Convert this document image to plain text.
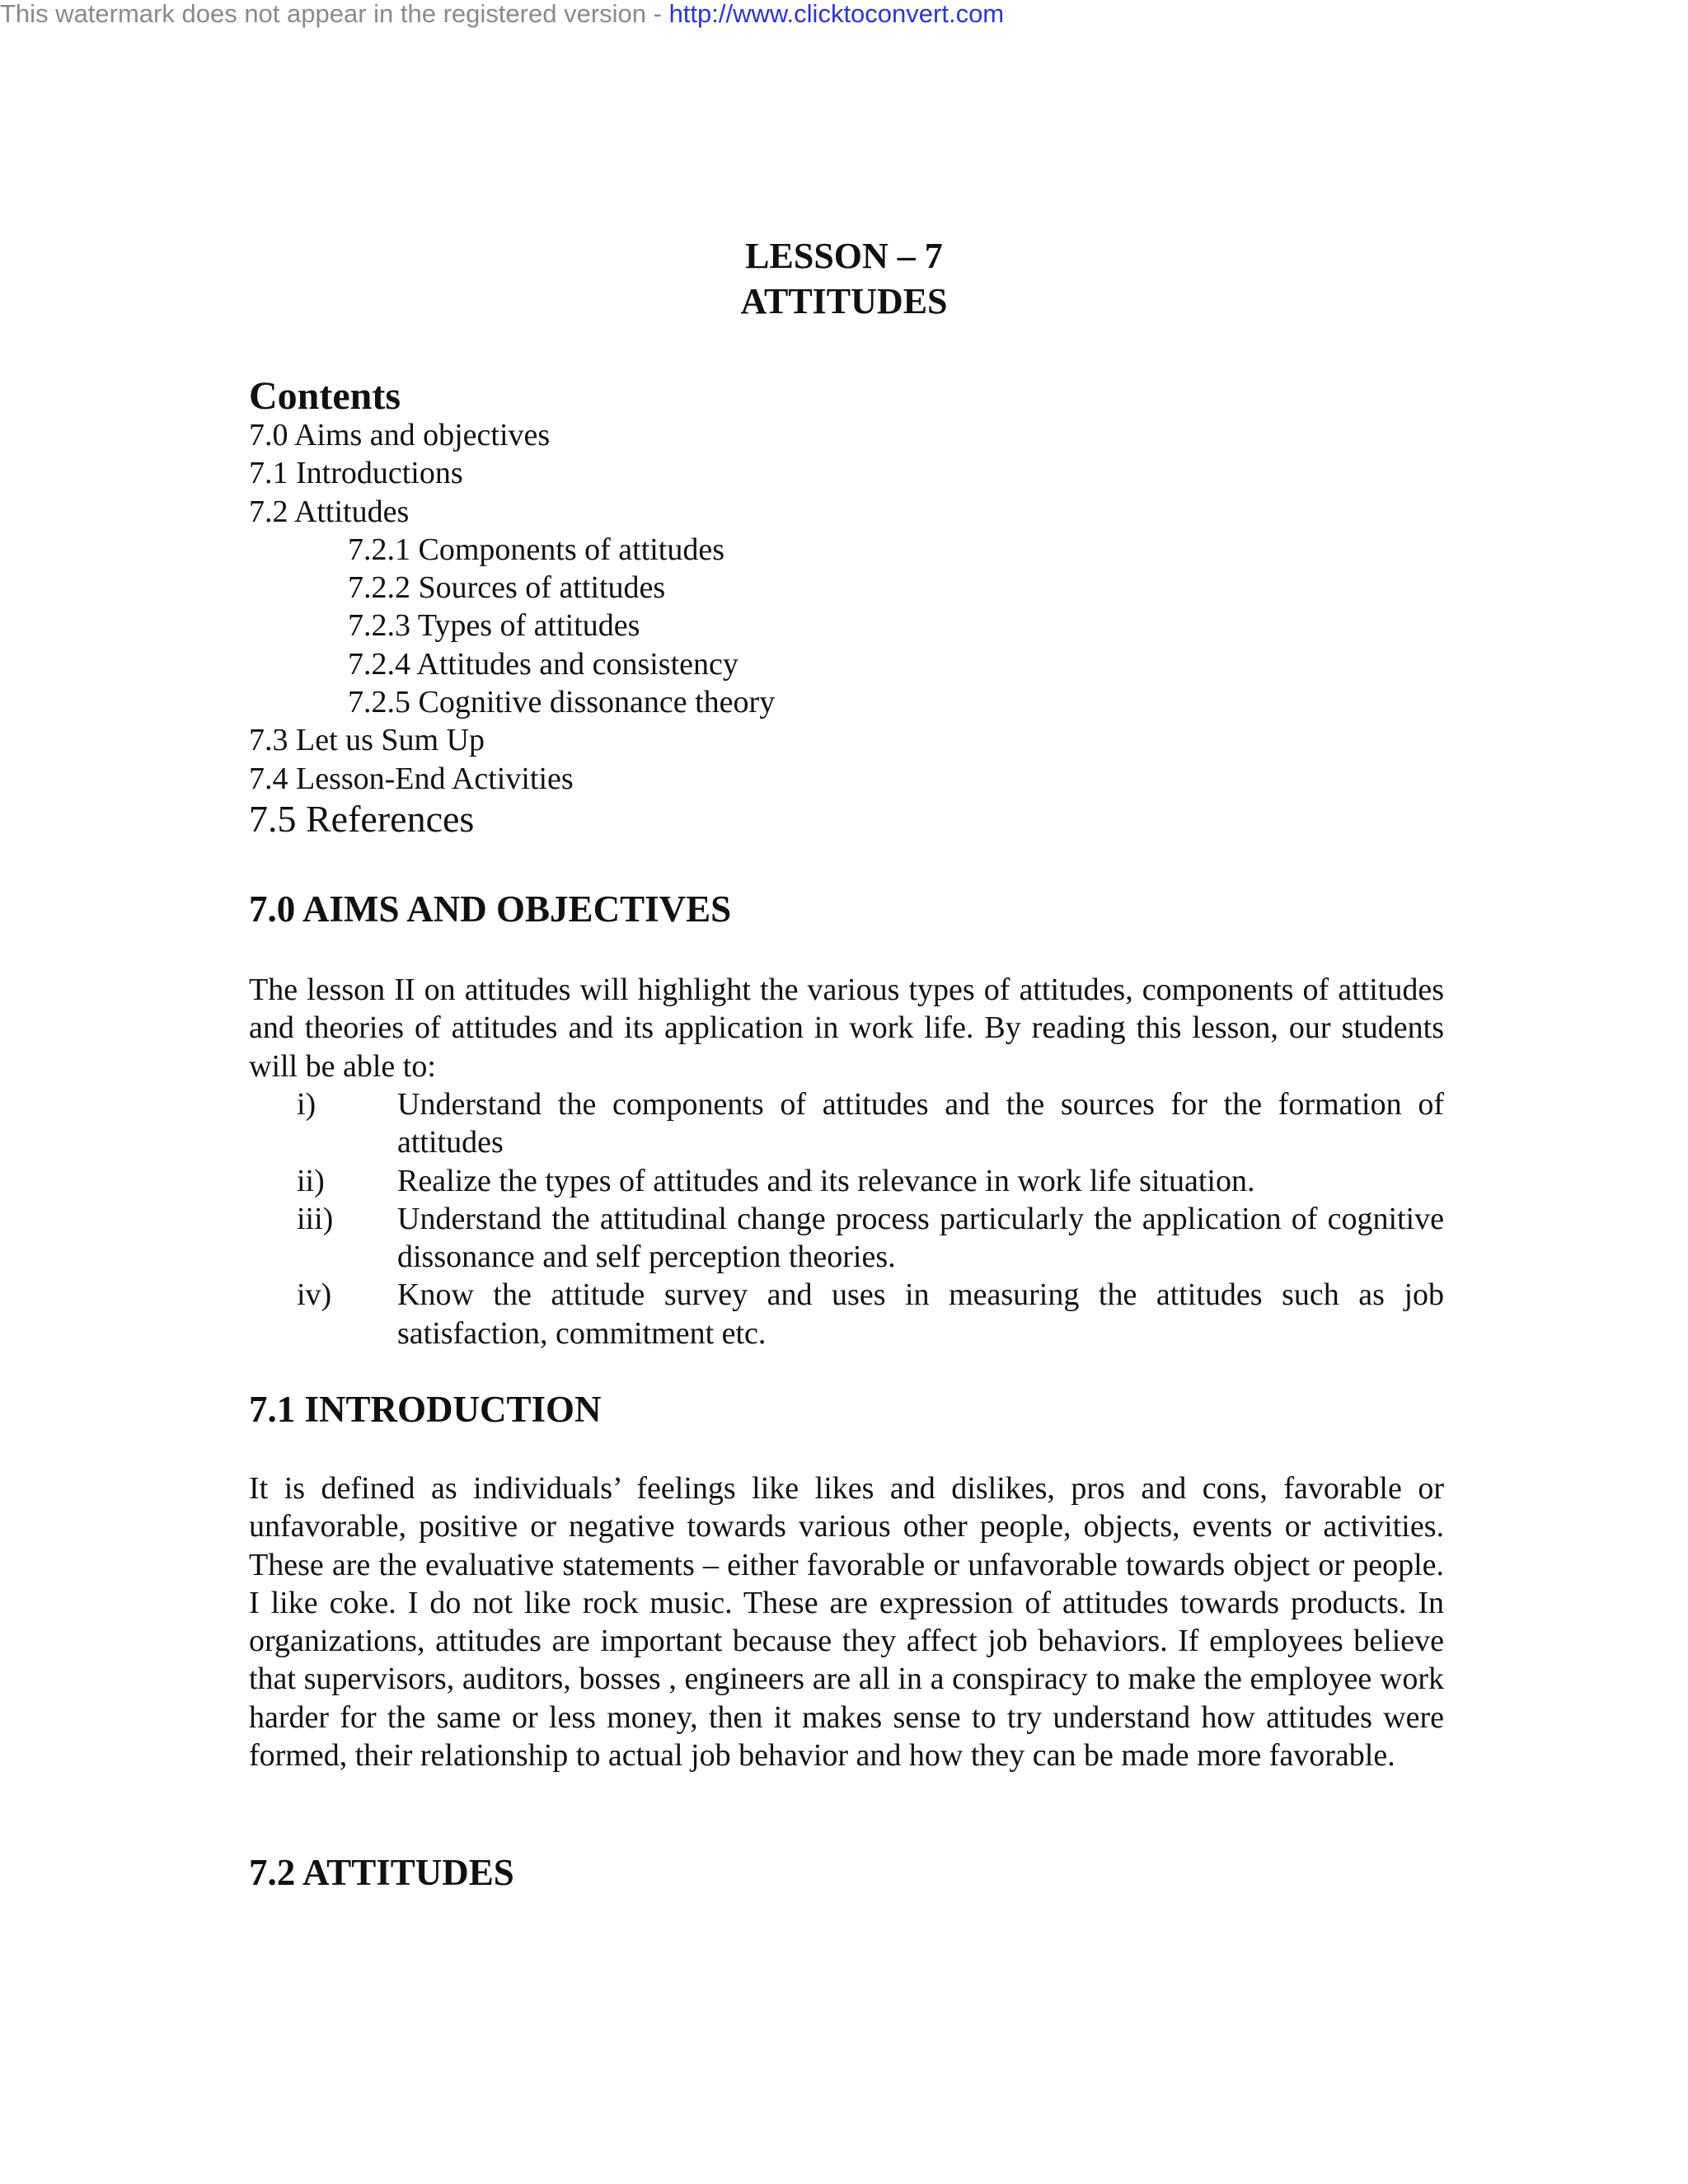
This watermark does not appear in the registered version - http://www.clicktoconvert.com
LESSON – 7
ATTITUDES
Contents
7.0 Aims and objectives
7.1 Introductions
7.2 Attitudes
7.2.1 Components of attitudes
7.2.2 Sources of attitudes
7.2.3 Types of attitudes
7.2.4 Attitudes and consistency
7.2.5 Cognitive dissonance theory
7.3 Let us Sum Up
7.4 Lesson-End Activities
7.5 References
7.0 AIMS AND OBJECTIVES

The lesson II on attitudes will highlight the various types of attitudes, components of attitudes and theories of attitudes and its application in work life. By reading this lesson, our students will be able to:

i)	Understand the components of attitudes and the sources for the formation of attitudes
ii)	Realize the types of attitudes and its relevance in work life situation.
iii)	Understand the attitudinal change process particularly the application of cognitive dissonance and self perception theories.
iv)	Know the attitude survey and uses in measuring the attitudes such as job satisfaction, commitment etc.
7.1 INTRODUCTION

It is defined as individuals’ feelings like likes and dislikes, pros and cons, favorable or unfavorable, positive or negative towards various other people, objects, events or activities. These are the evaluative statements – either favorable or unfavorable towards object or people. I like coke. I do not like rock music. These are expression of attitudes towards products. In organizations, attitudes are important because they affect job behaviors. If employees believe that supervisors, auditors, bosses , engineers are all in a conspiracy to make the employee work harder for the same or less money, then it makes sense to try understand how attitudes were formed, their relationship to actual job behavior and how they can be made more favorable.

7.2 ATTITUDES
